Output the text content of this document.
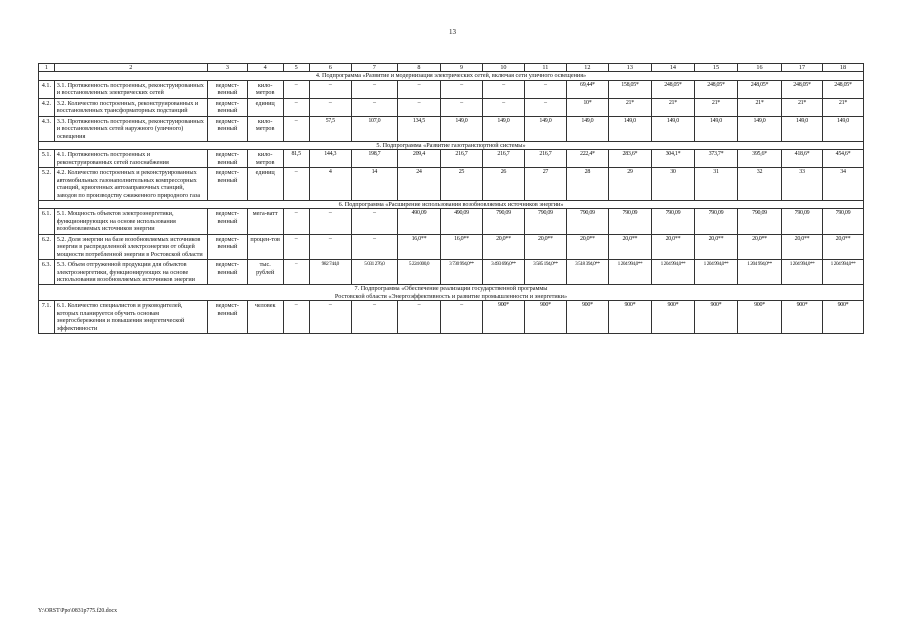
13
1	2	3	4	5	6	7	8	9	10	11	12	13	14	15	16	17	18

4. Подпрограмма «Развитие и модернизация электрических сетей, включая сети уличного освещения»																	

4.1.	3.1. Протяженность построенных, реконструированных и восстановленных электрических сетей	ведомст-венный	кило-метров	–	–	–	–	–	–	–	69,44*	158,05*	248,05*	248,05*	248,05*	248,05*	248,05*
4.2.	3.2. Количество построенных, реконструированных и восстановленных трансформаторных подстанций	ведомст-венный	единиц	–	–	–	–	–	–	–	10*	21*	21*	21*	21*	21*	21*
4.3.	3.3. Протяженность построенных, реконструированных и восстановленных сетей наружного (уличного) освещения	ведомст-венный	кило-метров	–	57,5	107,0	134,5	149,0	149,0	149,0	149,0	149,0	149,0	149,0	149,0	149,0	149,0

5. Подпрограмма «Развитие газотранспортной системы»																	

5.1.	4.1. Протяженность построенных и реконструированных сетей газоснабжения	ведомст-венный	кило-метров	81,5	144,3	198,7	209,4	216,7	216,7	216,7	222,4*	283,6*	304,1*	373,7*	395,6*	418,6*	454,6*
5.2.	4.2. Количество построенных и реконструированных автомобильных газонаполнительных компрессорных станций, криогенных автозаправочных станций, заводов по производству сжиженного природного газа	ведомст-венный	единиц	–	4	14	24	25	26	27	28	29	30	31	32	33	34

6. Подпрограмма «Расширение использования возобновляемых источников энергии»																	

6.1.	5.1. Мощность объектов электроэнергетики, функционирующих на основе использования возобновляемых источников энергии	ведомст-венный	мега-ватт	–	–	–	490,09	490,09	790,09	790,09	790,09	790,09	790,09	790,09	790,09	790,09	790,09
6.2.	5.2. Доля энергии на базе возобновляемых источников энергии в распределенной электроэнергии от общей мощности потребленной энергии в Ростовской области	ведомст-венный	процен-тов	–	–	–	16,0**	16,0**	20,0**	20,0**	20,0**	20,0**	20,0**	20,0**	20,0**	20,0**	20,0**
6.3.	5.3. Объем отгруженной продукции для объектов электроэнергетики, функционирующих на основе использования возобновляемых источников энергии	ведомст-венный	тыс. рублей	–	982 744,0	5 031 276,0	5 224 000,0	3 730 994,0**	3 493 696,0**	3 585 194,0**	3 518 394,0**	1 204 994,0**	1 204 994,0**	1 204 994,0**	1 204 994,0**	1 204 994,0**	1 204 994,0**

7. Подпрограмма «Обеспечение реализации государственной программы
Ростовской области «Энергоэффективность и развитие промышленности и энергетики»																	

7.1.	6.1. Количество специалистов и руководителей, которых планируется обучить основам энергосбережения и повышения энергетической эффективности	ведомст-венный	человек	–	–	–	–	–	900*	900*	900*	900*	900*	900*	900*	900*	900*
Y:\ORST\Ppo\0831p775.f20.docx
